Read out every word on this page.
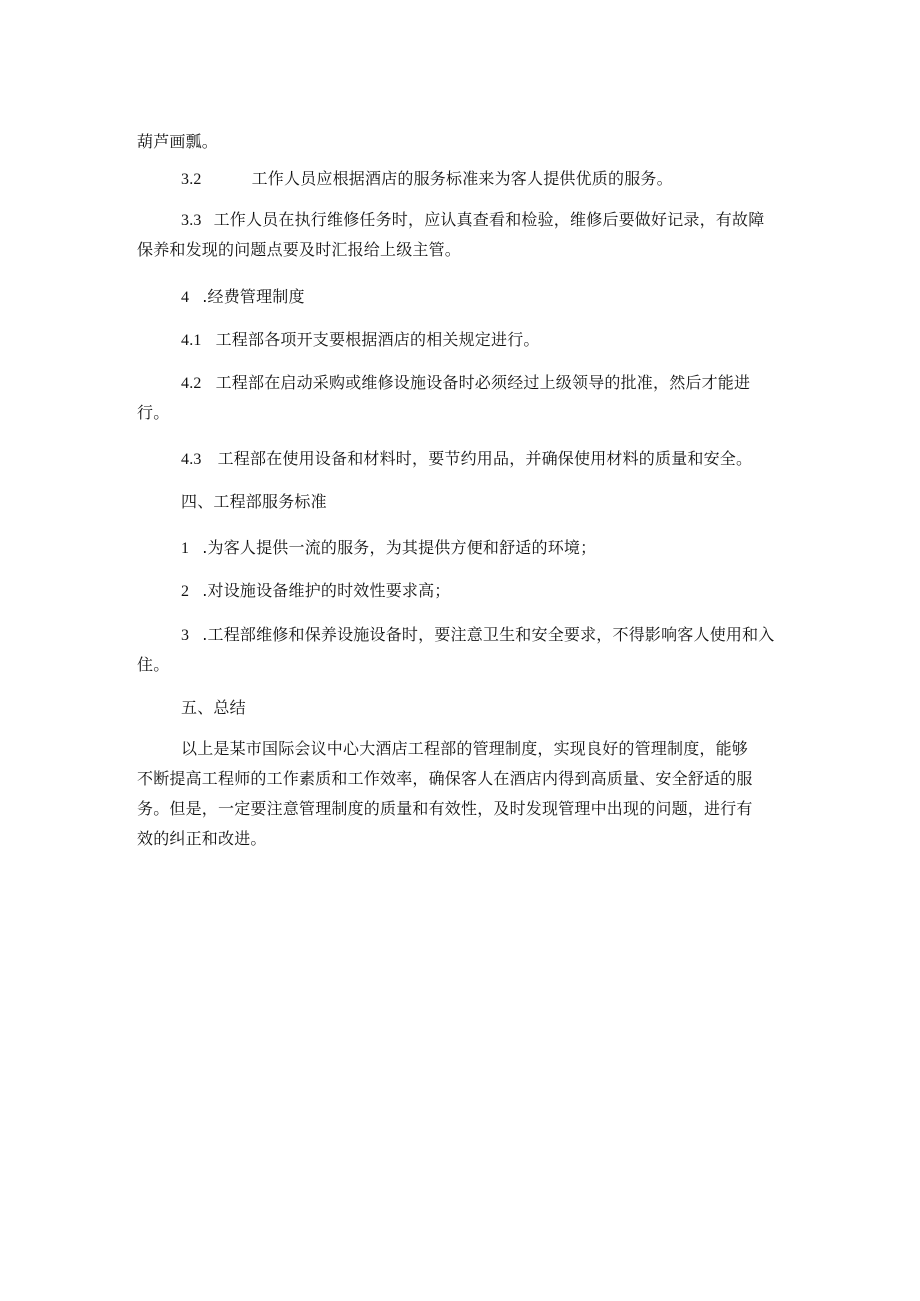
葫芦画瓢。
3.2	工作人员应根据酒店的服务标准来为客人提供优质的服务。
3.3 工作人员在执行维修任务时，应认真查看和检验，维修后要做好记录，有故障
保养和发现的问题点要及时汇报给上级主管。
4 .经费管理制度
4.1 工程部各项开支要根据酒店的相关规定进行。
4.2 工程部在启动采购或维修设施设备时必须经过上级领导的批准，然后才能进
行。
4.3 工程部在使用设备和材料时，要节约用品，并确保使用材料的质量和安全。
四、工程部服务标准
1 .为客人提供一流的服务，为其提供方便和舒适的环境；
2 .对设施设备维护的时效性要求高；
3 .工程部维修和保养设施设备时，要注意卫生和安全要求，不得影响客人使用和入
住。
五、总结
以上是某市国际会议中心大酒店工程部的管理制度，实现良好的管理制度，能够
不断提高工程师的工作素质和工作效率，确保客人在酒店内得到高质量、安全舒适的服
务。但是，一定要注意管理制度的质量和有效性，及时发现管理中出现的问题，进行有
效的纠正和改进。
